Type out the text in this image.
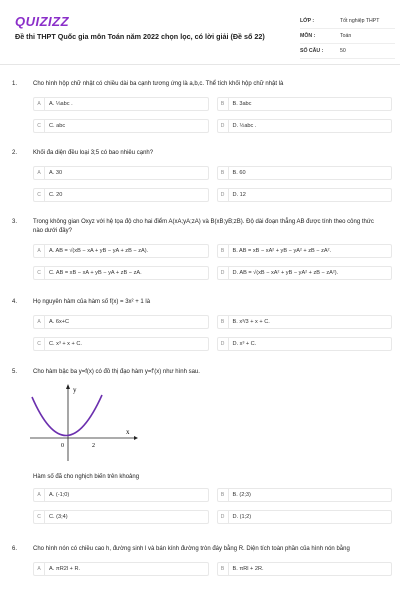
QUIZIZZ
Đề thi THPT Quốc gia môn Toán năm 2022 chọn lọc, có lời giải (Đề số 22)
LỚP :	Tốt nghiệp THPT
MÔN :	Toán
SỐ CÂU :	50
1.	Cho hình hộp chữ nhật có chiều dài ba cạnh tương ứng là a,b,c. Thể tích khối hộp chữ nhật là
A	A. ⅓abc .	B	B. 3abc
C	C. abc	D	D. ½abc .
2.	Khối đa diện đều loại 3;5 có bao nhiêu cạnh?
A	A. 30	B	B. 60
C	C. 20	D	D. 12
3.	Trong không gian Oxyz với hệ tọa độ cho hai điểm A(xA;yA;zA) và B(xB;yB;zB). Độ dài đoạn thẳng AB được tính theo công thức nào dưới đây?
A	A. AB = √(xB − xA + yB − yA + zB − zA).	B	B. AB = xB − xA² + yB − yA² + zB − zA².
C	C. AB = xB − xA + yB − yA + zB − zA.	D	D. AB = √(xB − xA² + yB − yA² + zB − zA²).
4.	Họ nguyên hàm của hàm số f(x) = 3x² + 1 là
A	A. 6x+C	B	B. x³/3 + x + C.
C	C. x³ + x + C.	D	D. x³ + C.
5.	Cho hàm bậc ba y=f(x) có đồ thị đạo hàm y=f'(x) như hình sau.
y
x
0	2
Hàm số đã cho nghịch biến trên khoảng
A	A. (-1;0)	B	B. (2;3)
C	C. (3;4)	D	D. (1;2)
6.	Cho hình nón có chiều cao h, đường sinh l và bán kính đường tròn đáy bằng R. Diện tích toàn phần của hình nón bằng
A	A. πR2l + R.	B	B. πRl + 2R.
